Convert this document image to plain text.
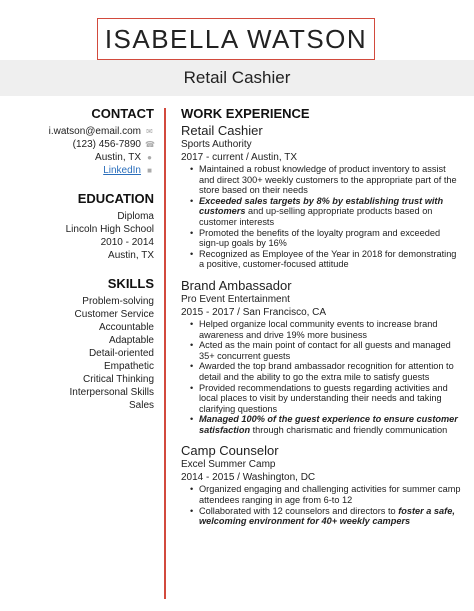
ISABELLA WATSON
Retail Cashier
CONTACT
i.watson@email.com ✉
(123) 456-7890 ☎
Austin, TX ●
LinkedIn ■
EDUCATION
Diploma
Lincoln High School
2010 - 2014
Austin, TX
SKILLS
Problem-solving
Customer Service
Accountable
Adaptable
Detail-oriented
Empathetic
Critical Thinking
Interpersonal Skills
Sales
WORK EXPERIENCE
Retail Cashier
Sports Authority
2017 - current / Austin, TX
• Maintained a robust knowledge of product inventory to assist and direct 300+ weekly customers to the appropriate part of the store based on their needs
• Exceeded sales targets by 8% by establishing trust with customers and up-selling appropriate products based on customer interests
• Promoted the benefits of the loyalty program and exceeded sign-up goals by 16%
• Recognized as Employee of the Year in 2018 for demonstrating a positive, customer-focused attitude
Brand Ambassador
Pro Event Entertainment
2015 - 2017 / San Francisco, CA
• Helped organize local community events to increase brand awareness and drive 19% more business
• Acted as the main point of contact for all guests and managed 35+ concurrent guests
• Awarded the top brand ambassador recognition for attention to detail and the ability to go the extra mile to satisfy guests
• Provided recommendations to guests regarding activities and local places to visit by understanding their needs and taking clarifying questions
• Managed 100% of the guest experience to ensure customer satisfaction through charismatic and friendly communication
Camp Counselor
Excel Summer Camp
2014 - 2015 / Washington, DC
• Organized engaging and challenging activities for summer camp attendees ranging in age from 6-to 12
• Collaborated with 12 counselors and directors to foster a safe, welcoming environment for 40+ weekly campers
